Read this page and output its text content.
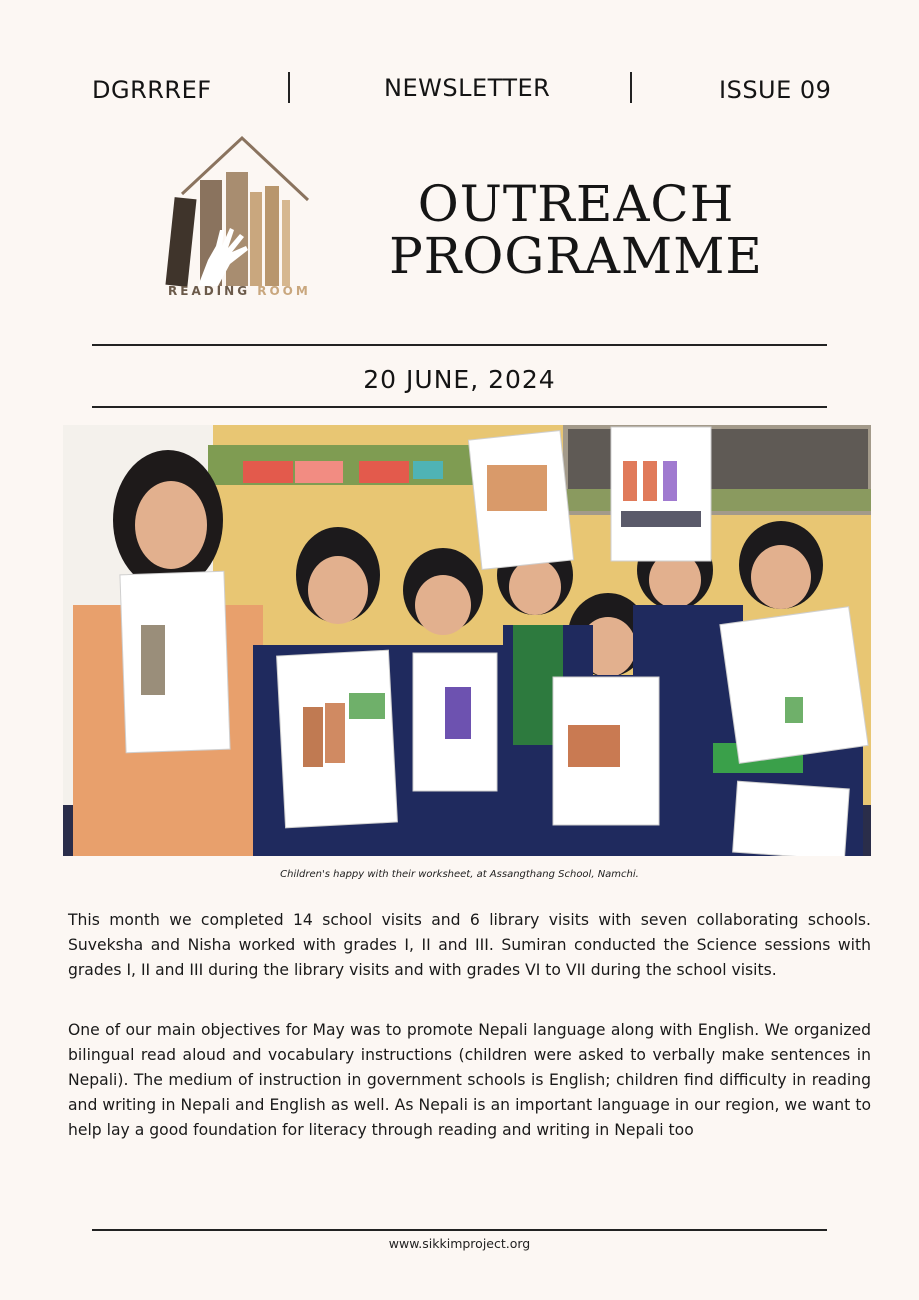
DGRRREF	NEWSLETTER	ISSUE 09
READING ROOM
OUTREACH
PROGRAMME
20 JUNE, 2024
Children's happy with their worksheet, at Assangthang School, Namchi.

This month we completed 14 school visits and 6 library visits with seven collaborating schools. Suveksha and Nisha worked with grades I, II and III. Sumiran conducted the Science sessions with grades I, II and III during the library visits and with grades VI to VII during the school visits.

One of our main objectives for May was to promote Nepali language along with English. We organized bilingual read aloud and vocabulary instructions (children were asked to verbally make sentences in Nepali). The medium of instruction in government schools is English; children find difficulty in reading and writing in Nepali and English as well. As Nepali is an important language in our region, we want to help lay a good foundation for literacy through reading and writing in Nepali too

www.sikkimproject.org
